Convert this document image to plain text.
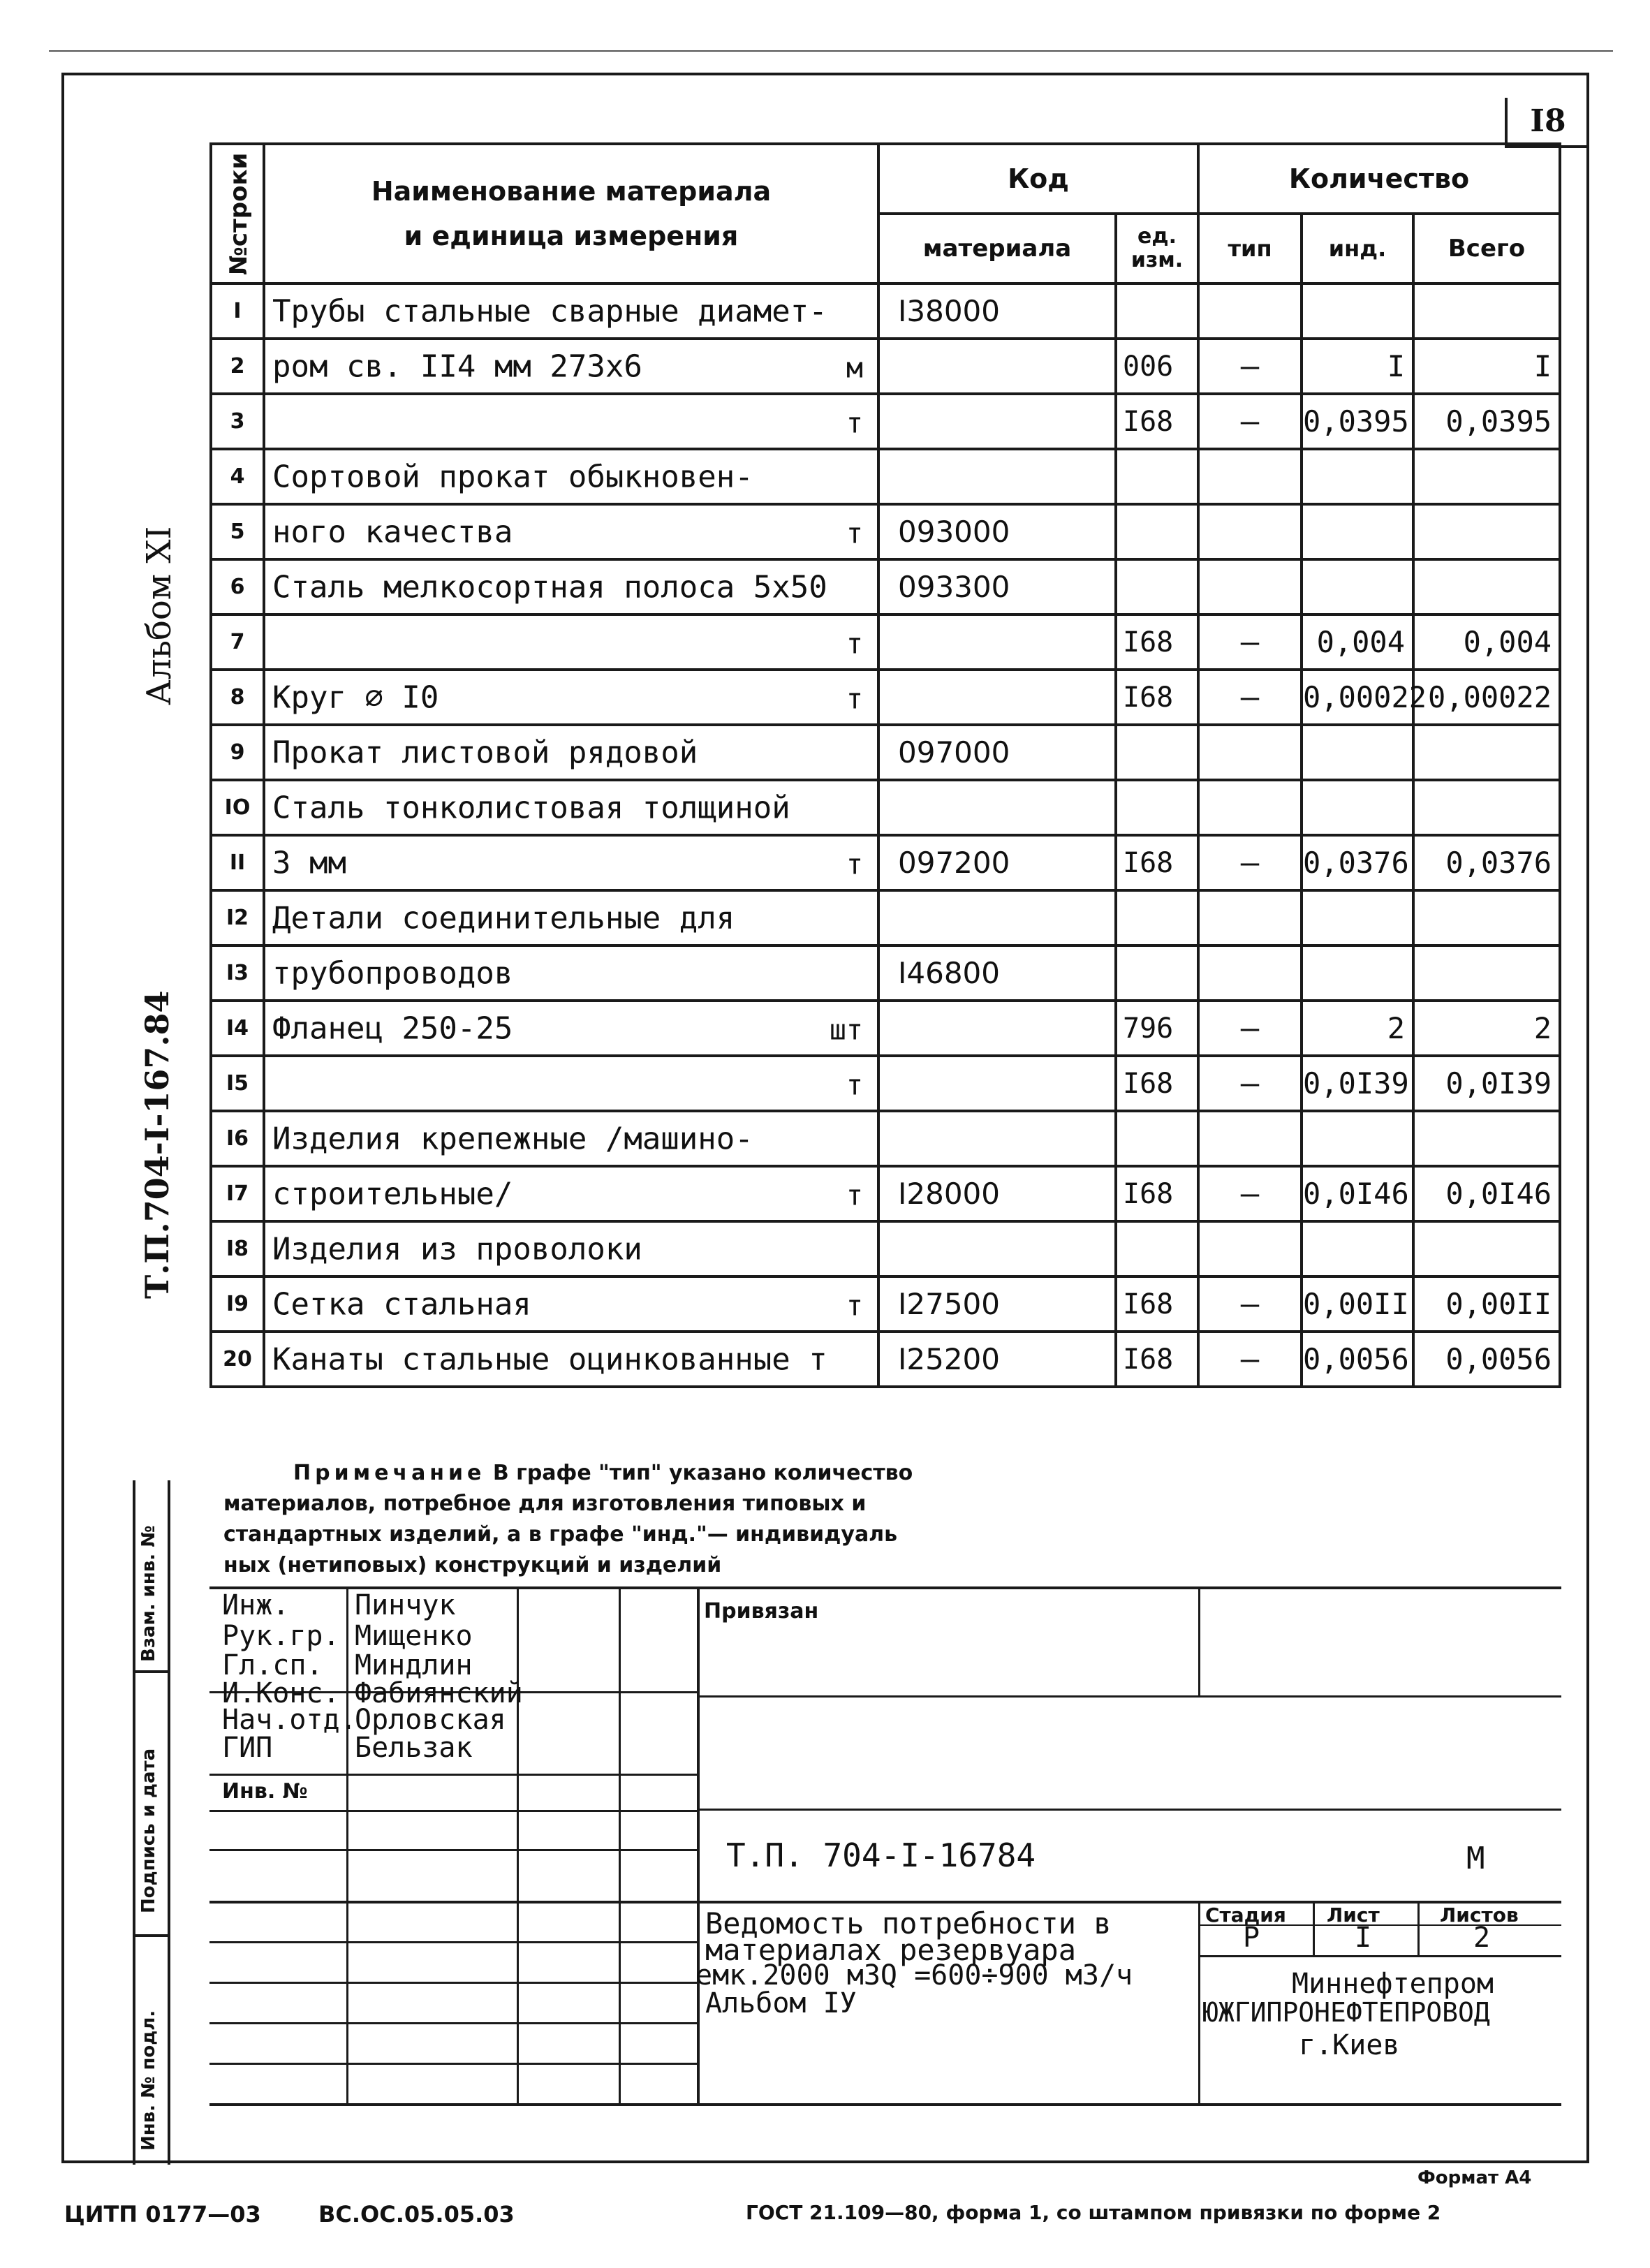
I8
Альбом XI
Т.П.704-I-167.84
№строки	Наименование материала
и единица измерения	Код		Количество		
		материала	ед. изм.	тип	инд.	Всего
I	Трубы стальные сварные диамет-	I38000				
2	ром св. II4 мм 273х6 м		006	–	I	I
3	т		I68	–	0,0395	0,0395
4	Сортовой прокат обыкновен-					

5	ного качества т	093000				
6	Сталь мелкосортная полоса 5х50	093300				
7	т		I68	–	0,004	0,004
8	Круг ∅ I0 т		I68	–	0,00022	0,00022
9	Прокат листовой рядовой	097000				
IO	Сталь тонколистовая толщиной					

II	3 мм т	097200	I68	–	0,0376	0,0376
I2	Детали соединительные для					

I3	трубопроводов	I46800				
I4	Фланец 250-25 шт		796	–	2	2
I5	т		I68	–	0,0I39	0,0I39
I6	Изделия крепежные /машино-					

I7	строительные/ т	I28000	I68	–	0,0I46	0,0I46
I8	Изделия из проволоки					

I9	Сетка стальная т	I27500	I68	–	0,00II	0,00II
20	Канаты стальные оцинкованные т	I25200	I68	–	0,0056	0,0056
Примечание В графе "тип" указано количество
материалов, потребное для изготовления типовых и
стандартных изделий, а в графе "инд."— индивидуаль
ных (нетиповых) конструкций и изделий
Инж. Пинчук
Рук.гр. Мищенко
Гл.сп. Миндлин
И.Конс. Фабиянский
Нач.отд.
Орловская
ГИП	Бельзак
Инв. №
Привязан
Т.П. 704-I-16784	М
Ведомость потребности в
материалах резервуара
емк.2000 м3Q =600÷900 м3/ч
Альбом IУ
Стадия Лист	Листов
Р	I	2
Миннефтепром
ЮЖГИПРОНЕФТЕПРОВОД
г.Киев
Взам. инв. №
Подпись и дата
Инв. № подл.
Формат А4
ЦИТП 0177—03	ВС.ОС.05.05.03	ГОСТ 21.109—80, форма 1, со штампом привязки по форме 2
